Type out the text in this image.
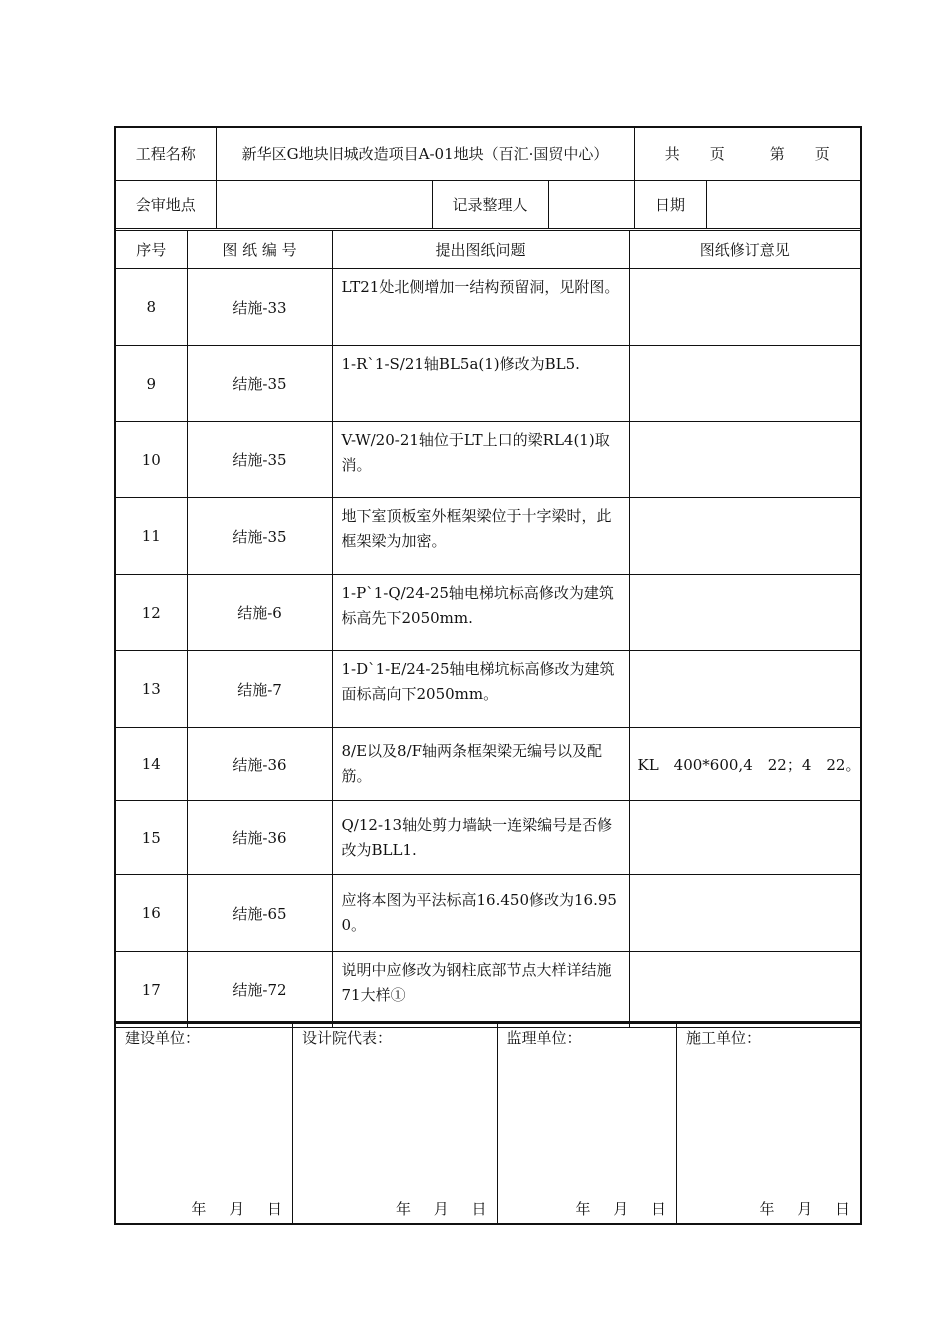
工程名称	新华区G地块旧城改造项目A-01地块（百汇·国贸中心）			共　　页　　　第　　页	
会审地点		记录整理人		日期	
序号	图 纸 编 号	提出图纸问题	图纸修订意见
8	结施-33	LT21处北侧增加一结构预留洞，见附图。	
9	结施-35	1-R`1-S/21轴BL5a(1)修改为BL5.	
10	结施-35	V-W/20-21轴位于LT上口的梁RL4(1)取消。	
11	结施-35	地下室顶板室外框架梁位于十字梁时，此框架梁为加密。	
12	结施-6	1-P`1-Q/24-25轴电梯坑标高修改为建筑标高先下2050mm.	
13	结施-7	1-D`1-E/24-25轴电梯坑标高修改为建筑面标高向下2050mm。	
14	结施-36	8/E以及8/F轴两条框架梁无编号以及配筋。	KL　400*600,4　22；4　22。
15	结施-36	Q/12-13轴处剪力墙缺一连梁编号是否修改为BLL1.	
16	结施-65	应将本图为平法标高16.450修改为16.950。	
17	结施-72	说明中应修改为钢柱底部节点大样详结施71大样①	
建设单位：
年 月 日

设计院代表：
年 月 日

监理单位：
年 月 日

施工单位：
年 月 日
